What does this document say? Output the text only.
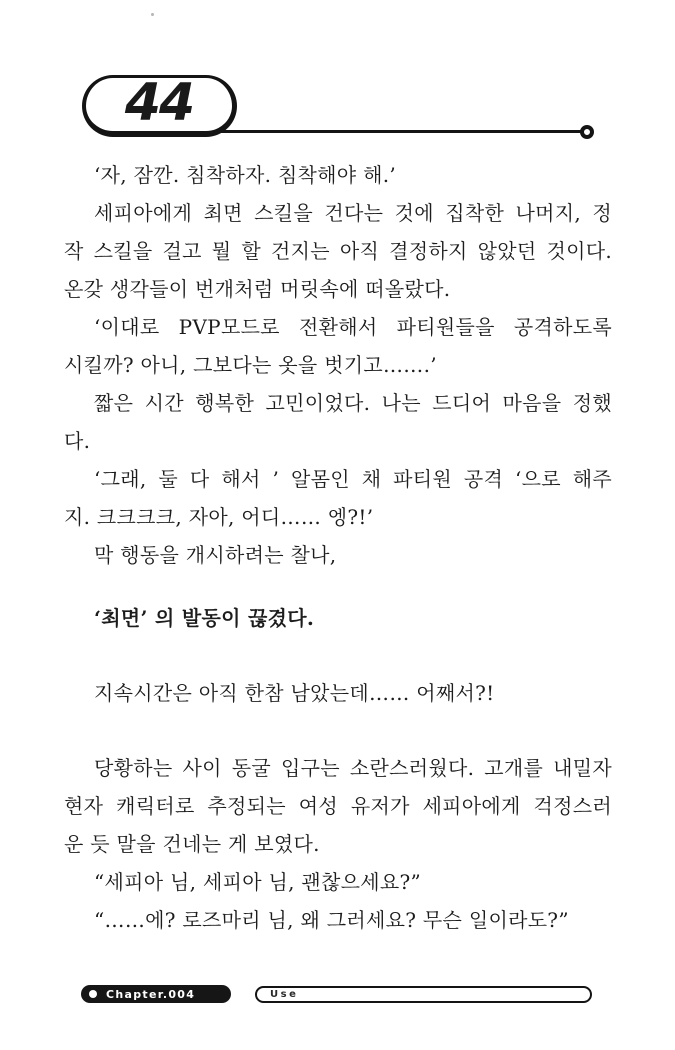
44
‘자, 잠깐. 침착하자. 침착해야 해.’
세피아에게 최면 스킬을 건다는 것에 집착한 나머지, 정
작 스킬을 걸고 뭘 할 건지는 아직 결정하지 않았던 것이다.
온갖 생각들이 번개처럼 머릿속에 떠올랐다.
‘이대로 PVP모드로 전환해서 파티원들을 공격하도록
시킬까? 아니, 그보다는 옷을 벗기고…….’
짧은 시간 행복한 고민이었다. 나는 드디어 마음을 정했
다.
‘그래, 둘 다 해서 ’ 알몸인 채 파티원 공격 ‘으로 해주
지. 크크크크, 자아, 어디…… 엥?!’
막 행동을 개시하려는 찰나,
‘최면’ 의 발동이 끊겼다.
지속시간은 아직 한참 남았는데…… 어째서?!
당황하는 사이 동굴 입구는 소란스러웠다. 고개를 내밀자
현자 캐릭터로 추정되는 여성 유저가 세피아에게 걱정스러
운 듯 말을 건네는 게 보였다.
“세피아 님, 세피아 님, 괜찮으세요?”
“……에? 로즈마리 님, 왜 그러세요? 무슨 일이라도?”
Chapter.004	Use
